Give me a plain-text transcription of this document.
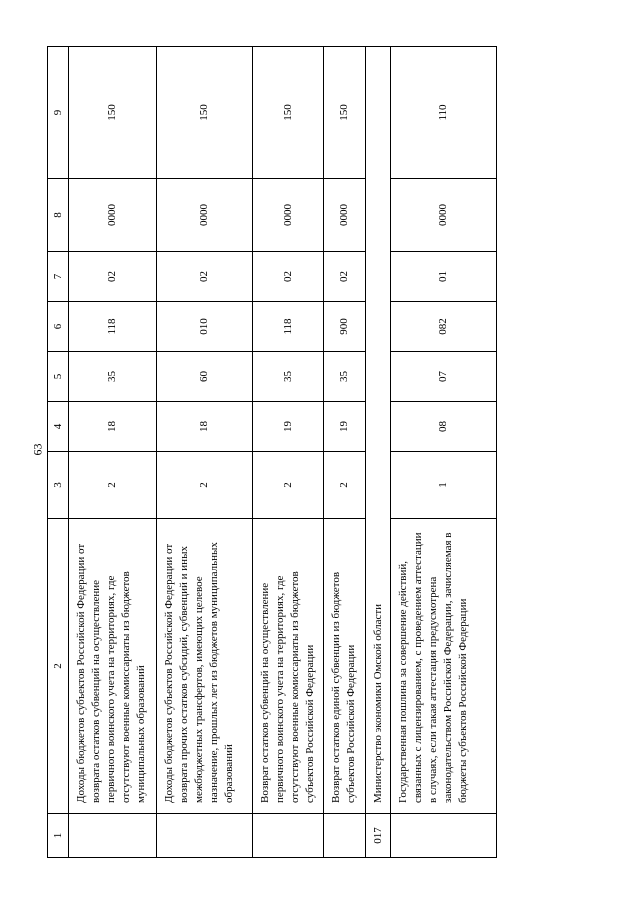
63
1	2	3	4	5	6	7	8	9
	Доходы бюджетов субъектов Российской Федерации от возврата остатков субвенций на осуществление первичного воинского учета на территориях, где отсутствуют военные комиссариаты из бюджетов муниципальных образований	2	18	35	118	02	0000	150
	Доходы бюджетов субъектов Российской Федерации от возврата прочих остатков субсидий, субвенций и иных межбюджетных трансфертов, имеющих целевое назначение, прошлых лет из бюджетов муниципальных образований	2	18	60	010	02	0000	150
	Возврат остатков субвенций на осуществление первичного воинского учета на территориях, где отсутствуют военные комиссариаты из бюджетов субъектов Российской Федерации	2	19	35	118	02	0000	150
	Возврат остатков единой субвенции из бюджетов субъектов Российской Федерации	2	19	35	900	02	0000	150
017	Министерство экономики Омской области							
	Государственная пошлина за совершение действий, связанных с лицензированием, с проведением аттестации в случаях, если такая аттестация предусмотрена законодательством Российской Федерации, зачисляемая в бюджеты субъектов Российской Федерации	1	08	07	082	01	0000	110
